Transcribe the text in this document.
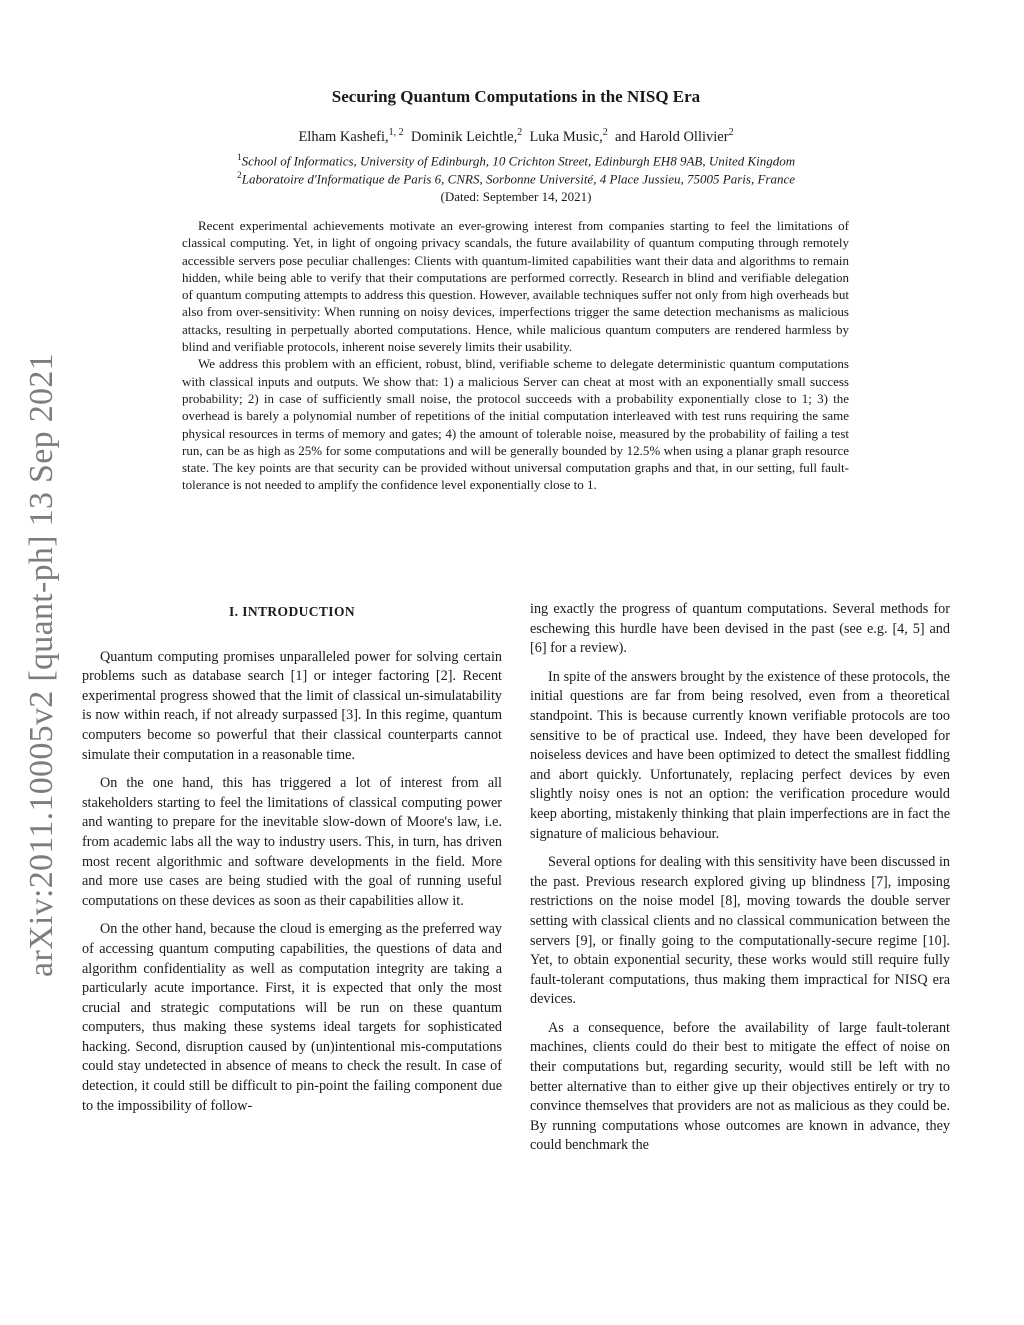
arXiv:2011.10005v2 [quant-ph] 13 Sep 2021
Securing Quantum Computations in the NISQ Era
Elham Kashefi,$^{1, 2}$ Dominik Leichtle,$^2$ Luka Music,$^2$ and Harold Ollivier$^2$
$^1$School of Informatics, University of Edinburgh, 10 Crichton Street, Edinburgh EH8 9AB, United Kingdom
$^2$Laboratoire d'Informatique de Paris 6, CNRS, Sorbonne Université, 4 Place Jussieu, 75005 Paris, France
(Dated: September 14, 2021)

Recent experimental achievements motivate an ever-growing interest from companies starting to feel the limitations of classical computing. Yet, in light of ongoing privacy scandals, the future availability of quantum computing through remotely accessible servers pose peculiar challenges: Clients with quantum-limited capabilities want their data and algorithms to remain hidden, while being able to verify that their computations are performed correctly. Research in blind and verifiable delegation of quantum computing attempts to address this question. However, available techniques suffer not only from high overheads but also from over-sensitivity: When running on noisy devices, imperfections trigger the same detection mechanisms as malicious attacks, resulting in perpetually aborted computations. Hence, while malicious quantum computers are rendered harmless by blind and verifiable protocols, inherent noise severely limits their usability.

We address this problem with an efficient, robust, blind, verifiable scheme to delegate deterministic quantum computations with classical inputs and outputs. We show that: 1) a malicious Server can cheat at most with an exponentially small success probability; 2) in case of sufficiently small noise, the protocol succeeds with a probability exponentially close to 1; 3) the overhead is barely a polynomial number of repetitions of the initial computation interleaved with test runs requiring the same physical resources in terms of memory and gates; 4) the amount of tolerable noise, measured by the probability of failing a test run, can be as high as 25% for some computations and will be generally bounded by 12.5% when using a planar graph resource state. The key points are that security can be provided without universal computation graphs and that, in our setting, full fault-tolerance is not needed to amplify the confidence level exponentially close to 1.

I. INTRODUCTION

Quantum computing promises unparalleled power for solving certain problems such as database search [1] or integer factoring [2]. Recent experimental progress showed that the limit of classical un-simulatability is now within reach, if not already surpassed [3]. In this regime, quantum computers become so powerful that their classical counterparts cannot simulate their computation in a reasonable time.

On the one hand, this has triggered a lot of interest from all stakeholders starting to feel the limitations of classical computing power and wanting to prepare for the inevitable slow-down of Moore's law, i.e. from academic labs all the way to industry users. This, in turn, has driven most recent algorithmic and software developments in the field. More and more use cases are being studied with the goal of running useful computations on these devices as soon as their capabilities allow it.

On the other hand, because the cloud is emerging as the preferred way of accessing quantum computing capabilities, the questions of data and algorithm confidentiality as well as computation integrity are taking a particularly acute importance. First, it is expected that only the most crucial and strategic computations will be run on these quantum computers, thus making these systems ideal targets for sophisticated hacking. Second, disruption caused by (un)intentional mis-computations could stay undetected in absence of means to check the result. In case of detection, it could still be difficult to pin-point the failing component due to the impossibility of follow-

ing exactly the progress of quantum computations. Several methods for eschewing this hurdle have been devised in the past (see e.g. [4, 5] and [6] for a review).

In spite of the answers brought by the existence of these protocols, the initial questions are far from being resolved, even from a theoretical standpoint. This is because currently known verifiable protocols are too sensitive to be of practical use. Indeed, they have been developed for noiseless devices and have been optimized to detect the smallest fiddling and abort quickly. Unfortunately, replacing perfect devices by even slightly noisy ones is not an option: the verification procedure would keep aborting, mistakenly thinking that plain imperfections are in fact the signature of malicious behaviour.

Several options for dealing with this sensitivity have been discussed in the past. Previous research explored giving up blindness [7], imposing restrictions on the noise model [8], moving towards the double server setting with classical clients and no classical communication between the servers [9], or finally going to the computationally-secure regime [10]. Yet, to obtain exponential security, these works would still require fully fault-tolerant computations, thus making them impractical for NISQ era devices.

As a consequence, before the availability of large fault-tolerant machines, clients could do their best to mitigate the effect of noise on their computations but, regarding security, would still be left with no better alternative than to either give up their objectives entirely or try to convince themselves that providers are not as malicious as they could be. By running computations whose outcomes are known in advance, they could benchmark the
